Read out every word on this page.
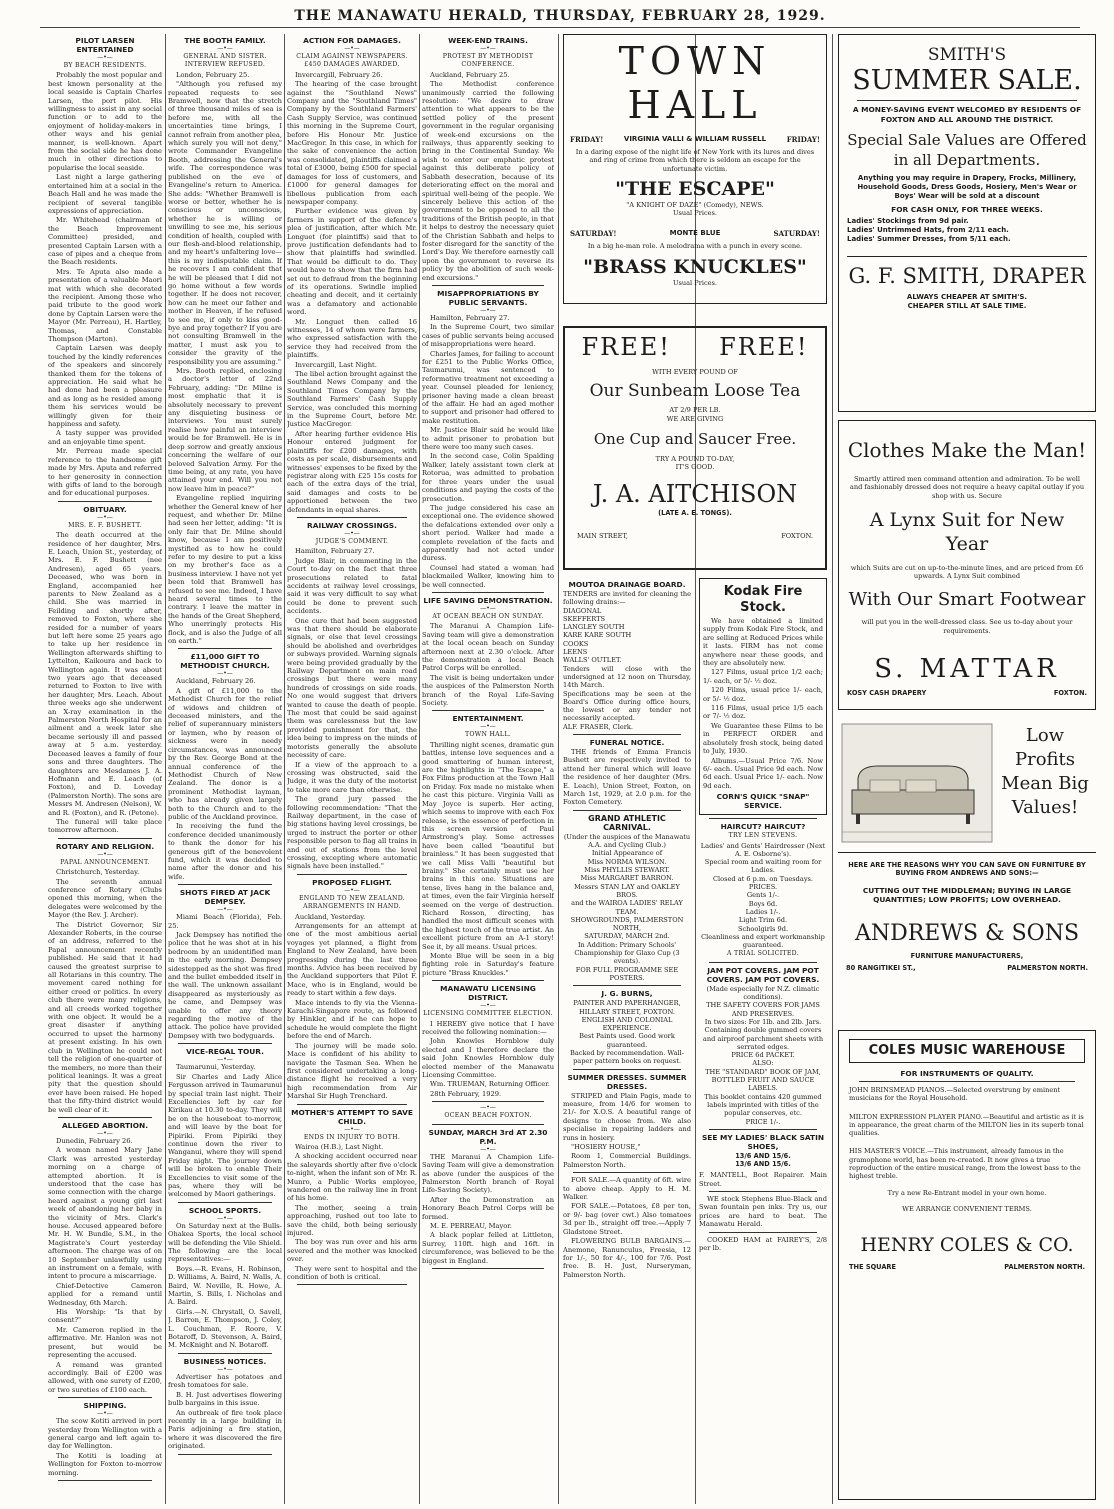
THE MANAWATU HERALD, THURSDAY, FEBRUARY 28, 1929.
PILOT LARSEN ENTERTAINED
—•—
BY BEACH RESIDENTS.
Probably the most popular and best known personality at the local seaside is Captain Charles Larsen, the port pilot. His willingness to assist in any social function or to add to the enjoyment of holiday-makers in other ways and his genial manner, is well-known. Apart from the social side he has done much in other directions to popularise the local seaside.
Last night a large gathering entertained him at a social in the Beach Hall and he was made the recipient of several tangible expressions of appreciation.
Mr. Whitehead (chairman of the Beach Improvement Committee) presided, and presented Captain Larsen with a case of pipes and a cheque from the Beach residents.
Mrs. Te Aputa also made a presentation of a valuable Maori mat with which she decorated the recipient. Among those who paid tribute to the good work done by Captain Larsen were the Mayor (Mr. Perreau), H. Hartley, Thomas, and Constable Thompson (Marton).
Captain Larsen was deeply touched by the kindly references of the speakers and sincerely thanked them for the tokens of appreciation. He said what he had done had been a pleasure and as long as he resided among them his services would be willingly given for their happiness and safety.
A tasty supper was provided and an enjoyable time spent.
Mr. Perreau made special reference to the handsome gift made by Mrs. Aputa and referred to her generosity in connection with gifts of land to the borough and for educational purposes.
OBITUARY.
—•—
MRS. E. F. BUSHETT.
The death occurred at the residence of her daughter, Mrs. E. Leach, Union St., yesterday, of Mrs. E. F. Bushett (nee Andresen), aged 65 years. Deceased, who was born in England, accompanied her parents to New Zealand as a child. She was married in Feilding and shortly after, removed to Foxton, where she resided for a number of years but left here some 25 years ago to take up her residence in Wellington afterwards shifting to Lyttelton, Kaikoura and back to Wellington again. It was about two years ago that deceased returned to Foxton to live with her daughter, Mrs. Leach. About three weeks ago she underwent an X-ray examination in the Palmerston North Hospital for an ailment and a week later she became seriously ill and passed away at 5 a.m. yesterday. Deceased leaves a family of four sons and three daughters. The daughters are Mesdames J. A. Hofmann and E. Leach (of Foxton), and D. Loveday (Palmerston North). The sons are Messrs M. Andresen (Nelson), W. and R. (Foxton), and R. (Petone).
The funeral will take place tomorrow afternoon.
ROTARY AND RELIGION.
—•—
PAPAL ANNOUNCEMENT.
Christchurch, Yesterday.
The seventh annual conference of Rotary (Clubs opened this morning, when the delegates were welcomed by the Mayor (the Rev. J. Archer).
The District Governor, Sir Alexander Roberts, in the course of an address, referred to the Papal announcement recently published. He said that it had caused the greatest surprise to all Rotarians in this country. The movement cared nothing for either creed or politics. In every club there were many religions, and all creeds worked together with one object. It would be a great disaster if anything occurred to upset the harmony at present existing. In his own club in Wellington he could not tell the religion of one-quarter of the members, no more than their political leanings. It was a great pity that the question should ever have been raised. He hoped that the fifty-third district would be well clear of it.
ALLEGED ABORTION.
—•—
Dunedin, February 26.
A woman named Mary Jane Clark was arrested yesterday morning on a charge of attempted abortion. It is understood that the case has some connection with the charge heard against a young girl last week of abandoning her baby in the vicinity of Mrs. Clark's house. Accused appeared before Mr. H. W. Bundle, S.M., in the Magistrate's Court yesterday afternoon. The charge was of on 10 September unlawfully using an instrument on a female, with intent to procure a miscarriage.
Chief-Detective Cameron applied for a remand until Wednesday, 6th March.
His Worship: "Is that by consent?"
Mr. Cameron replied in the affirmative. Mr. Hanlon was not present, but would be representing the accused.
A remand was granted accordingly. Bail of £200 was allowed, with one surety of £200, or two sureties of £100 each.
SHIPPING.
—•—
The scow Kotiti arrived in port yesterday from Wellington with a general cargo and left again to-day for Wellington.
The Kotiti is loading at Wellington for Foxton to-morrow morning.
THE BOOTH FAMILY.
—•—
GENERAL AND SISTER. INTERVIEW REFUSED.
London, February 25.
"Although you refused my repeated requests to see Bramwell, now that the stretch of three thousand miles of sea is before me, with all the uncertainties time brings, I cannot refrain from another plea, which surely you will not deny," wrote Commander Evangeline Booth, addressing the General's wife. The correspondence was published on the eve of Evangeline's return to America. She adds: "Whether Bramwell is worse or better, whether he is conscious or unconscious, whether he is willing or unwilling to see me, his serious condition of health, coupled with our flesh-and-blood relationship, and my heart's unfaltering love—this is my indisputable claim. If he recovers I am confident that he will be pleased that I did not go home without a few words together. If he does not recover, how can he meet our father and mother in Heaven, if he refused to see me, if only to kiss good-bye and pray together? If you are not consulting Bramwell in the matter, I must ask you to consider the gravity of the responsibility you are assuming."
Mrs. Booth replied, enclosing a doctor's letter of 22nd February, adding: "Dr. Milne is most emphatic that it is absolutely necessary to prevent any disquieting business or interviews. You must surely realise how painful an interview would be for Bramwell. He is in deep sorrow and greatly anxious concerning the welfare of our beloved Salvation Army. For the time being, at any rate, you have attained your end. Will you not now leave him in peace?"
Evangeline replied inquiring whether the General knew of her request, and whether Dr. Milne had seen her letter, adding: "It is only fair that Dr. Milne should know, because I am positively mystified as to how he could refer to my desire to put a kiss on my brother's face as a business interview. I have not yet been told that Bramwell has refused to see me. Indeed, I have heard several times to the contrary. I leave the matter in the hands of the Great Shepherd, Who unerringly protects His flock, and is also the Judge of all on earth."
£11,000 GIFT TO METHODIST CHURCH.
—•—
Auckland, February 26.
A gift of £11,000 to the Methodist Church for the relief of widows and children of deceased ministers, and the relief of superannuary ministers or laymen, who by reason of sickness were in needy circumstances, was announced by the Rev. George Bond at the annual conference of the Methodist Church of New Zealand. The donor is a prominent Methodist layman, who has already given largely both to the Church and to the public of the Auckland province.
In receiving the fund the conference decided unanimously to thank the donor for his generous gift of the benevolent fund, which it was decided to name after the donor and his wife.
SHOTS FIRED AT JACK DEMPSEY.
—•—
Miami Beach (Florida), Feb. 25.
Jack Dempsey has notified the police that he was shot at in his bedroom by an unidentified man in the early morning. Dempsey sidestepped as the shot was fired and the bullet embedded itself in the wall. The unknown assailant disappeared as mysteriously as he came, and Dempsey was unable to offer any theory regarding the motive of the attack. The police have provided Dempsey with two bodyguards.
VICE-REGAL TOUR.
—•—
Taumarunui, Yesterday.
Sir Charles and Lady Alice Fergusson arrived in Taumarunui by special train last night. Their Excellencies left by car for Kirikau at 10.30 to-day. They will be on the houseboat to-morrow, and will leave by the boat for Pipiriki. From Pipiriki they continue down the river to Wanganui, where they will spend Friday night. The journey down will be broken to enable Their Excellencies to visit some of the pas, where they will be welcomed by Maori gatherings.
SCHOOL SPORTS.
—•—
On Saturday next at the Bulls-Ohakea Sports, the local school will be defending the Vile Shield. The following are the local representatives:—
Boys.—R. Evans, H. Robinson, D. Williams, A. Baird, N. Walls, A. Baird, W. Neville, R. Howe, A. Martin, S. Bills, I. Nicholas and A. Baird.
Girls.—N. Chrystall, O. Savell, J. Barron, E. Thompson, J. Coley, L. Couchman, F. Roore, V. Botaroff, D. Stevenson, A. Baird, M. McKnight and N. Botaroff.
BUSINESS NOTICES.
—•—
Advertiser has potatoes and fresh tomatoes for sale.
B. H. Just advertises flowering bulb bargains in this issue.
An outbreak of fire took place recently in a large building in Paris adjoining a fire station, where it was discovered the fire originated.
ACTION FOR DAMAGES.
—•—
CLAIM AGAINST NEWSPAPERS. £450 DAMAGES AWARDED.
Invercargill, February 26.
The hearing of the case brought against the "Southland News" Company and the "Southland Times" Company by the Southland Farmers' Cash Supply Service, was continued this morning in the Supreme Court, before His Honour Mr. Justice MacGregor. In this case, in which for the sake of convenience the action was consolidated, plaintiffs claimed a total of £3000, being £500 for special damages for loss of customers, and £1000 for general damages for libellous publication from each newspaper company.
Further evidence was given by farmers in support of the defence's plea of justification, after which Mr. Longuet (for plaintiffs) said that to prove justification defendants had to show that plaintiffs had swindled. That would be difficult to do. They would have to show that the firm had set out to defraud from the beginning of its operations. Swindle implied cheating and deceit, and it certainly was a defamatory and actionable word.
Mr. Longuet then called 16 witnesses, 14 of whom were farmers, who expressed satisfaction with the service they had received from the plaintiffs.
Invercargill, Last Night.
The libel action brought against the Southland News Company and the Southland Times Company by the Southland Farmers' Cash Supply Service, was concluded this morning in the Supreme Court, before Mr. Justice MacGregor.
After hearing further evidence His Honour entered judgment for plaintiffs for £200 damages, with costs as per scale, disbursements and witnesses' expenses to be fixed by the registrar along with £25 15s costs for each of the extra days of the trial, said damages and costs to be apportioned between the two defendants in equal shares.
RAILWAY CROSSINGS.
—•—
JUDGE'S COMMENT.
Hamilton, February 27.
Judge Blair, in commenting in the Court to-day on the fact that three prosecutions related to fatal accidents at railway level crossings, said it was very difficult to say what could be done to prevent such accidents.
One cure that had been suggested was that there should be elaborate signals, or else that level crossings should be abolished and overbridges or subways provided. Warning signals were being provided gradually by the Railway Department on main road crossings but there were many hundreds of crossings on side roads. No one would suggest that drivers wanted to cause the death of people. The most that could be said against them was carelessness but the law provided punishment for that, the idea being to impress on the minds of motorists generally the absolute necessity of care.
If a view of the approach to a crossing was obstructed, said the Judge, it was the duty of the motorist to take more care than otherwise.
The grand jury passed the following recommendation: "That the Railway department, in the case of big stations having level crossings, be urged to instruct the porter or other responsible person to flag all trains in and out of stations from the level crossing, excepting where automatic signals have been installed."
PROPOSED FLIGHT.
—•—
ENGLAND TO NEW ZEALAND. ARRANGEMENTS IN HAND.
Auckland, Yesterday.
Arrangements for an attempt at one of the most ambitious aerial voyages yet planned, a flight from England to New Zealand, have been progressing during the last three months. Advice has been received by the Auckland supporters that Pilot F. Mace, who is in England, would be ready to start within a few days.
Mace intends to fly via the Vienna-Karachi-Singapore route, as followed by Hinkler, and if he can hope to schedule he would complete the flight before the end of March.
The journey will be made solo. Mace is confident of his ability to navigate the Tasman Sea. When he first considered undertaking a long-distance flight he received a very high recommendation from Air Marshal Sir Hugh Trenchard.
MOTHER'S ATTEMPT TO SAVE CHILD.
—•—
ENDS IN INJURY TO BOTH.
Wairoa (H.B.), Last Night.
A shocking accident occurred near the saleyards shortly after five o'clock to-night, when the infant son of Mr. R. Munro, a Public Works employee, wandered on the railway line in front of his home.
The mother, seeing a train approaching, rushed out too late to save the child, both being seriously injured.
The boy was run over and his arm severed and the mother was knocked over.
They were sent to hospital and the condition of both is critical.
WEEK-END TRAINS.
—•—
PROTEST BY METHODIST CONFERENCE.
Auckland, February 25.
The Methodist conference unanimously carried the following resolution: "We desire to draw attention to what appears to be the settled policy of the present government in the regular organising of week-end excursions on the railways, thus apparently seeking to bring in the Continental Sunday. We wish to enter our emphatic protest against this deliberate policy of Sabbath desecration, because of its deteriorating effect on the moral and spiritual well-being of the people. We sincerely believe this action of the government to be opposed to all the traditions of the British people, in that it helps to destroy the necessary quiet of the Christian Sabbath and helps to foster disregard for the sanctity of the Lord's Day. We therefore earnestly call upon the government to reverse its policy by the abolition of such week-end excursions."
MISAPPROPRIATIONS BY PUBLIC SERVANTS.
—•—
Hamilton, February 27.
In the Supreme Court, two similar cases of public servants being accused of misappropriations were heard.
Charles James, for failing to account for £251 to the Public Works Office, Taumarunui, was sentenced to reformative treatment not exceeding a year. Counsel pleaded for leniency, prisoner having made a clean breast of the affair. He had an aged mother to support and prisoner had offered to make restitution.
Mr. Justice Blair said he would like to admit prisoner to probation but there were too many such cases.
In the second case, Colin Spalding Walker, lately assistant town clerk at Rotorua, was admitted to probation for three years under the usual conditions and paying the costs of the prosecution.
The judge considered his case an exceptional one. The evidence showed the defalcations extended over only a short period. Walker had made a complete revelation of the facts and apparently had not acted under duress.
Counsel had stated a woman had blackmailed Walker, knowing him to be well connected.
LIFE SAVING DEMONSTRATION.
—•—
AT OCEAN BEACH ON SUNDAY.
The Maranui A Champion Life-Saving team will give a demonstration at the local ocean beach on Sunday afternoon next at 2.30 o'clock. After the demonstration a local Beach Patrol Corps will be enrolled.
The visit is being undertaken under the auspices of the Palmerston North branch of the Royal Life-Saving Society.
ENTERTAINMENT.
—•—
TOWN HALL.
Thrilling night scenes, dramatic gun battles, intense love sequences and a good smattering of human interest, are the highlights in "The Escape," a Fox Films production at the Town Hall on Friday. Fox made no mistake when he cast this picture. Virginia Valli as May Joyce is superb. Her acting, which seems to improve with each Fox release, is the essence of perfection in this screen version of Paul Armstrong's play. Some actresses have been called "beautiful but brainless." It has been suggested that we call Miss Valli "beautiful but brainy." She certainly must use her brains in this one. Situations are tense, lives hang in the balance and, at times, even the fair Virginia herself seemed on the verge of destruction. Richard Rosson, directing, has handled the most difficult scenes with the highest touch of the true artist. An excellent picture from an A-1 story! See it, by all means. Usual prices.
Monte Blue will be seen in a big fighting role in Saturday's feature picture "Brass Knuckles."
MANAWATU LICENSING DISTRICT.
—•—
LICENSING COMMITTEE ELECTION.
I HEREBY give notice that I have received the following nomination:—
John Knowles Hornblow duly elected and I therefore declare the said John Knowles Hornblow duly elected member of the Manawatu Licensing Committee.
Wm. TRUEMAN, Returning Officer.
28th February, 1929.
—•—
OCEAN BEACH FOXTON.
SUNDAY, MARCH 3rd AT 2.30 P.M.
—•—
THE Maranui A Champion Life-Saving Team will give a demonstration as above (under the auspices of the Palmerston North branch of Royal Life-Saving Society).
After the Demonstration an Honorary Beach Patrol Corps will be formed.
M. E. PERREAU, Mayor.
A black poplar felled at Littleton, Surrey, 110ft. high and 16ft. in circumference, was believed to be the biggest in England.
TOWN HALL
FRIDAY!	VIRGINIA VALLI & WILLIAM RUSSELL	FRIDAY!
In a daring expose of the night life of New York with its lures and dives and ring of crime from which there is seldom an escape for the unfortunate victim.
"THE ESCAPE"
"A KNIGHT OF DAZE" (Comedy), NEWS.
Usual Prices.
SATURDAY!	MONTE BLUE	SATURDAY!
In a big he-man role. A melodrama with a punch in every scene.
"BRASS KNUCKLES"
Usual Prices.
FREE!     FREE!
WITH EVERY POUND OF
Our Sunbeam Loose Tea
AT 2/9 PER LB.
WE ARE GIVING
One Cup and Saucer Free.
TRY A POUND TO-DAY,
IT'S GOOD.
J. A. AITCHISON
(LATE A. E. TONGS).
MAIN STREET,	FOXTON.
MOUTOA DRAINAGE BOARD.
TENDERS are invited for cleaning the following drains:—
DIAGONAL
SKEFFERTS
LANGLEY SOUTH
KARE KARE SOUTH
COOKS
LEENS
WALLS' OUTLET.
Tenders will close with the undersigned at 12 noon on Thursday, 14th March.
Specifications may be seen at the Board's Office during office hours, the lowest or any tender not necessarily accepted.
ALF. FRASER, Clerk.
FUNERAL NOTICE.
THE friends of Emma Francis Bushett are respectively invited to attend her funeral which will leave the residence of her daughter (Mrs. E. Leach), Union Street, Foxton, on March 1st, 1929, at 2.0 p.m. for the Foxton Cemetery.
GRAND ATHLETIC CARNIVAL.
(Under the auspices of the Manawatu A.A. and Cycling Club.)
Initial Appearance of
Miss NORMA WILSON.
Miss PHYLLIS STEWART.
Miss MARGARET BARRON.
Messrs STAN LAY and OAKLEY BROS.
and the WAIROA LADIES' RELAY TEAM.
SHOWGROUNDS, PALMERSTON NORTH,
SATURDAY, MARCH 2nd.
In Addition: Primary Schools' Championship for Glaxo Cup (3 events).
FOR FULL PROGRAMME SEE POSTERS.
J. G. BURNS,
PAINTER AND PAPERHANGER, HILLARY STREET, FOXTON.
ENGLISH AND COLONIAL EXPERIENCE.
Best Paints used. Good work guaranteed.
Backed by recommendation. Wall-paper pattern books on request.
SUMMER DRESSES. SUMMER DRESSES.
STRIPED and Plain Pagis, made to measure, from 14/6 for women to 21/- for X.O.S. A beautiful range of designs to choose from. We also specialise in repairing ladders and runs in hosiery.
"HOSIERY HOUSE,"
Room 1, Commercial Buildings. Palmerston North.
FOR SALE.—A quantity of 6ft. wire to above cheap. Apply to H. M. Walker.
FOR SALE.—Potatoes, £8 per ton, or 9/- bag (over cwt.) Also tomatoes 3d per lb., straight off tree.—Apply 7 Gladstone Street.
FLOWERING BULB BARGAINS.—Anemone, Ranunculus, Freesia, 12 for 1/-, 50 for 4/-, 100 for 7/6. Post free. B. H. Just, Nurseryman, Palmerston North.
Kodak Fire Stock.
We have obtained a limited supply from Kodak Fire Stock, and are selling at Reduced Prices while it lasts. FIRM has not come anywhere near these goods, and they are absolutely new.
127 Films, usual price 1/2 each; 1/- each, or 5/- ½ doz.
120 Films, usual price 1/- each, or 5/- ½ doz.
116 Films, usual price 1/5 each or 7/- ½ doz.
We Guarantee these Films to be in PERFECT ORDER and absolutely fresh stock, being dated to July, 1930.
Albums.—Usual Price 7/6. Now 6/- each. Usual Price 9d each. Now 6d each. Usual Price 1/- each. Now 9d each.
CORN'S QUICK "SNAP" SERVICE.
HAIRCUT? HAIRCUT?
TRY LEN STEVENS.
Ladies' and Gents' Hairdresser (Next A. E. Osborne's).
Special room and waiting room for Ladies.
Closed at 6 p.m. on Tuesdays.
PRICES.
Gents 1/-.
Boys 6d.
Ladies 1/-.
Light Trim 6d.
Schoolgirls 9d.
Cleanliness and expert workmanship guaranteed.
A TRIAL SOLICITED.
JAM POT COVERS. JAM POT COVERS. JAM POT COVERS.
(Made especially for N.Z. climatic conditions).
THE SAFETY COVERS FOR JAMS AND PRESERVES.
In two sizes: For 1lb. and 2lb. Jars.
Containing double gummed covers and airproof parchment sheets with serrated edges.
PRICE 6d PACKET.
ALSO:
THE "STANDARD" BOOK OF JAM, BOTTLED FRUIT AND SAUCE LABELS.
This booklet contains 420 gummed labels imprinted with titles of the popular conserves, etc.
PRICE 1/-.
SEE MY LADIES' BLACK SATIN SHOES,
13/6 AND 15/6.
13/6 AND 15/6.
F. MANTELL, Boot Repairer. Main Street.
WE stock Stephens Blue-Black and Swan fountain pen inks. Try us, our prices are hard to beat. The Manawatu Herald.
COOKED HAM at FAIREY'S, 2/8 per lb.
SMITH'S
SUMMER SALE.
A MONEY-SAVING EVENT WELCOMED BY RESIDENTS OF FOXTON AND ALL AROUND THE DISTRICT.
Special Sale Values are Offered in all Departments.
Anything you may require in Drapery, Frocks, Millinery, Household Goods, Dress Goods, Hosiery, Men's Wear or Boys' Wear will be sold at a discount
FOR CASH ONLY, FOR THREE WEEKS.
Ladies' Stockings from 9d pair.
Ladies' Untrimmed Hats, from 2/11 each.
Ladies' Summer Dresses, from 5/11 each.
G. F. SMITH, DRAPER
ALWAYS CHEAPER AT SMITH'S.
CHEAPER STILL AT SALE TIME.
Clothes Make the Man!
Smartly attired men command attention and admiration. To be well and fashionably dressed does not require a heavy capital outlay if you shop with us. Secure
A Lynx Suit for New Year
which Suits are cut on up-to-the-minute lines, and are priced from £6 upwards. A Lynx Suit combined
With Our Smart Footwear
will put you in the well-dressed class. See us to-day about your requirements.
S. MATTAR
KOSY CASH DRAPERY	FOXTON.
HERE ARE THE REASONS WHY YOU CAN SAVE ON FURNITURE BY BUYING FROM ANDREWS AND SONS:—
CUTTING OUT THE MIDDLEMAN; BUYING IN LARGE QUANTITIES; LOW PROFITS; LOW OVERHEAD.
ANDREWS & SONS
FURNITURE MANUFACTURERS,
80 RANGITIKEI ST.,	PALMERSTON NORTH.
Low Profits Mean Big Values!
COLES MUSIC WAREHOUSE
FOR INSTRUMENTS OF QUALITY.
JOHN BRINSMEAD PIANOS.—Selected overstrung by eminent musicians for the Royal Household.
MILTON EXPRESSION PLAYER PIANO.—Beautiful and artistic as it is in appearance, the great charm of the MILTON lies in its superb tonal qualities.
HIS MASTER'S VOICE.—This instrument, already famous in the gramophone world, has been re-created. It now gives a true reproduction of the entire musical range, from the lowest bass to the highest treble.
Try a new Re-Entrant model in your own home.
WE ARRANGE CONVENIENT TERMS.
HENRY COLES & CO.
THE SQUARE	PALMERSTON NORTH.
